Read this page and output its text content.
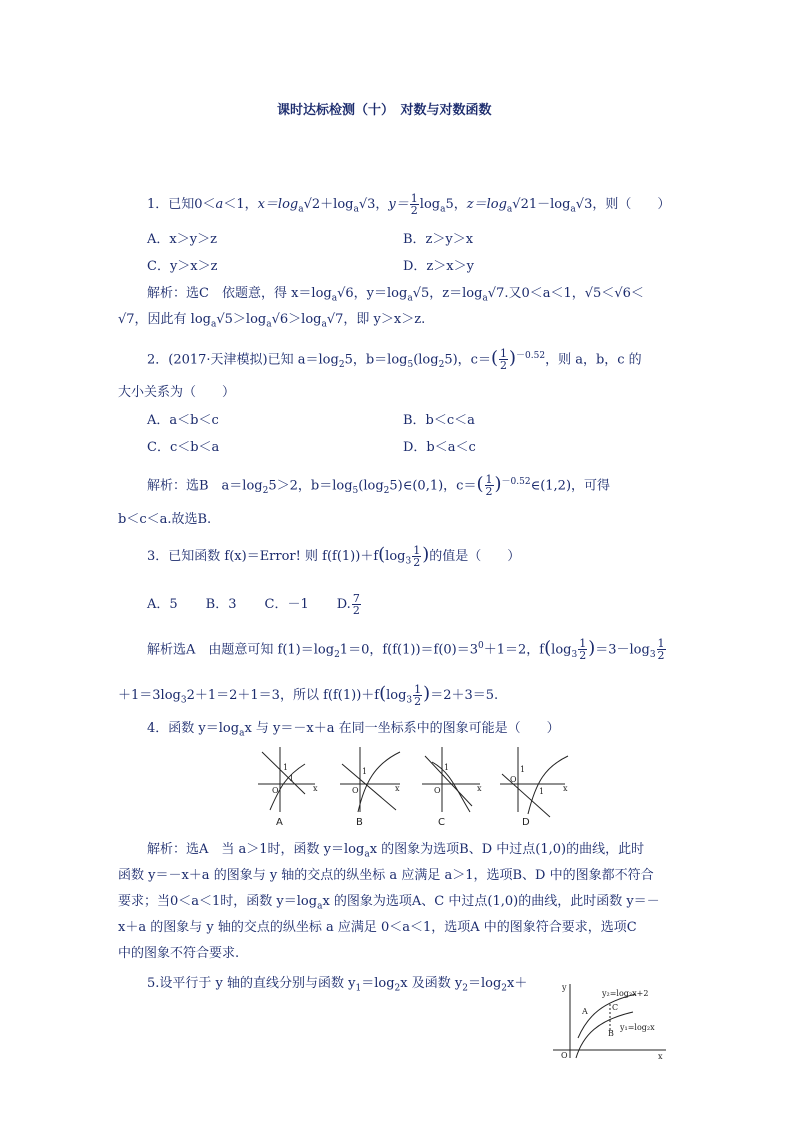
课时达标检测（十）　对数与对数函数
1．已知0＜a＜1，$x=\log_a√2+\log_a√3$，$y= \frac{1}{2} \log_a5$，$z=\log_a√21-\log_a√3$，则（　　）
A．x＞y＞z	B．z＞y＞x
C．y＞x＞z	D．z＞x＞y
解析：选C　依题意，得 $x=\log_a√6$，$y=\log_a√5$，$z=\log_a√7$.又0＜a＜1，√5＜√6＜
√7，因此有 $\log_a√5>\log_a√6>\log_a√7$，即 y＞x＞z.
2．(2017·天津模拟)已知 $a=\log_25$，$b=\log_5(\log_25)$，$c=( \frac{1}{2} )^{-0.52}$，则 a，b，c 的
大小关系为（　　）
A．a＜b＜c	B．b＜c＜a
C．c＜b＜a	D．b＜a＜c
解析：选B　$a=\log_25>2$，$b=\log_5(\log_25)\in(0,1)$，$c=( \frac{1}{2}$ )$^{-0.52}\in(1,2)$，可得
b＜c＜a.故选B.
3．已知函数 f(x)＝Error! 则 $f(f(1))+f(\log_3 \frac{1}{2}$ )的值是（　　）
A．5 B．3 C．－1 D. $\frac{7}{2}$
解析选A　由题意可知 $f(1)=\log_21=0$，$f(f(1))=f(0)=3^0+1=2$，$f(\log_3 \frac{1}{2} )=3-\log_3 \frac{1}{2}$
$+1=3\log_32+1=2+1=3$，所以 $f(f(1))+f(\log_3 \frac{1}{2} )=2+3=5$.
4．函数 $y=\log_ax$ 与 y＝－x＋a 在同一坐标系中的图象可能是（　　）
O	x
1
1
O	x
1
O	x
1
O
x
1
1
A	B	C	D
解析：选A　当 a＞1时，函数 $y=\log_ax$ 的图象为选项B、D 中过点(1,0)的曲线，此时
函数 y＝－x＋a 的图象与 y 轴的交点的纵坐标 a 应满足 a＞1，选项B、D 中的图象都不符合
要求；当0＜a＜1时，函数 $y=\log_ax$ 的图象为选项A、C 中过点(1,0)的曲线，此时函数 y＝－
x＋a 的图象与 y 轴的交点的纵坐标 a 应满足 0＜a＜1，选项A 中的图象符合要求，选项C
中的图象不符合要求.
5.设平行于 y 轴的直线分别与函数 $y_1=\log_2x$ 及函数 $y_2=\log_2x+$
y₂=log₂x+2
y₁=log₂x
A
B
C
O	x
y
